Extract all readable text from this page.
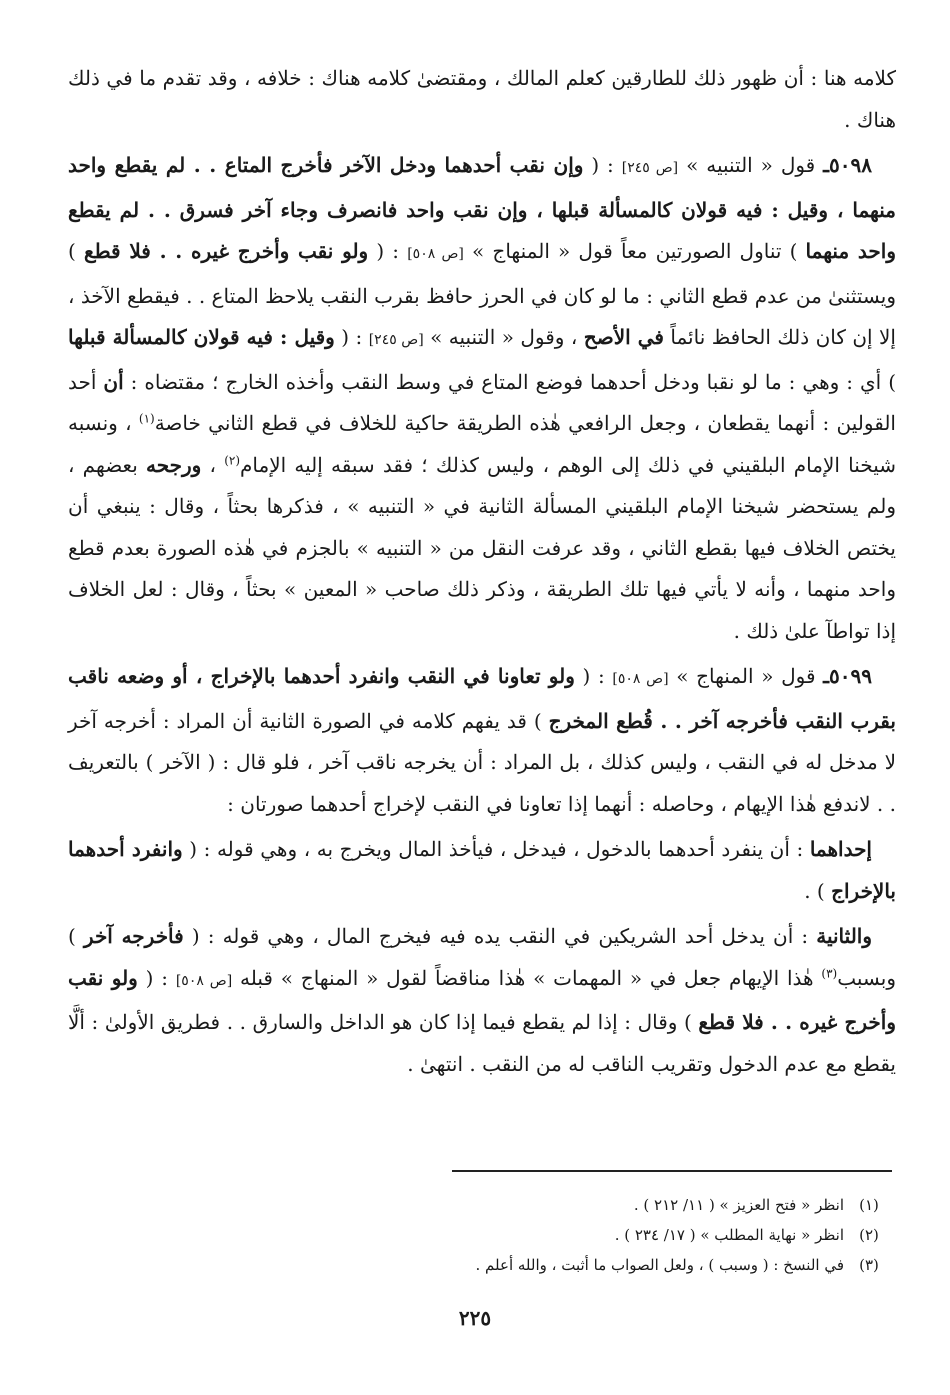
كلامه هنا : أن ظهور ذلك للطارقين كعلم المالك ، ومقتضىٰ كلامه هناك : خلافه ، وقد تقدم ما في ذلك هناك .

٥٠٩٨ـ قول « التنبيه » [ص ٢٤٥] : ( وإن نقب أحدهما ودخل الآخر فأخرج المتاع . . لم يقطع واحد منهما ، وقيل : فيه قولان كالمسألة قبلها ، وإن نقب واحد فانصرف وجاء آخر فسرق . . لم يقطع واحد منهما ) تناول الصورتين معاً قول « المنهاج » [ص ٥٠٨] : ( ولو نقب وأخرج غيره . . فلا قطع ) ويستثنىٰ من عدم قطع الثاني : ما لو كان في الحرز حافظ بقرب النقب يلاحظ المتاع . . فيقطع الآخذ ، إلا إن كان ذلك الحافظ نائماً في الأصح ، وقول « التنبيه » [ص ٢٤٥] : ( وقيل : فيه قولان كالمسألة قبلها ) أي : وهي : ما لو نقبا ودخل أحدهما فوضع المتاع في وسط النقب وأخذه الخارج ؛ مقتضاه : أن أحد القولين : أنهما يقطعان ، وجعل الرافعي هٰذه الطريقة حاكية للخلاف في قطع الثاني خاصة$^{(١)}$ ، ونسبه شيخنا الإمام البلقيني في ذلك إلى الوهم ، وليس كذلك ؛ فقد سبقه إليه الإمام$^{(٢)}$ ، ورجحه بعضهم ، ولم يستحضر شيخنا الإمام البلقيني المسألة الثانية في « التنبيه » ، فذكرها بحثاً ، وقال : ينبغي أن يختص الخلاف فيها بقطع الثاني ، وقد عرفت النقل من « التنبيه » بالجزم في هٰذه الصورة بعدم قطع واحد منهما ، وأنه لا يأتي فيها تلك الطريقة ، وذكر ذلك صاحب « المعين » بحثاً ، وقال : لعل الخلاف إذا تواطآ علىٰ ذلك .

٥٠٩٩ـ قول « المنهاج » [ص ٥٠٨] : ( ولو تعاونا في النقب وانفرد أحدهما بالإخراج ، أو وضعه ناقب بقرب النقب فأخرجه آخر . . قُطع المخرج ) قد يفهم كلامه في الصورة الثانية أن المراد : أخرجه آخر لا مدخل له في النقب ، وليس كذلك ، بل المراد : أن يخرجه ناقب آخر ، فلو قال : ( الآخر ) بالتعريف . . لاندفع هٰذا الإيهام ، وحاصله : أنهما إذا تعاونا في النقب لإخراج أحدهما صورتان :

إحداهما : أن ينفرد أحدهما بالدخول ، فيدخل ، فيأخذ المال ويخرج به ، وهي قوله : ( وانفرد أحدهما بالإخراج ) .

والثانية : أن يدخل أحد الشريكين في النقب يده فيه فيخرج المال ، وهي قوله : ( فأخرجه آخر ) وبسبب$^{(٣)}$ هٰذا الإيهام جعل في « المهمات » هٰذا مناقضاً لقول « المنهاج » قبله [ص ٥٠٨] : ( ولو نقب وأخرج غيره . . فلا قطع ) وقال : إذا لم يقطع فيما إذا كان هو الداخل والسارق . . فطريق الأولىٰ : ألَّا يقطع مع عدم الدخول وتقريب الناقب له من النقب . انتهىٰ .

(١)
انظر « فتح العزيز » ( ١١/ ٢١٢ ) .
(٢)
انظر « نهاية المطلب » ( ١٧/ ٢٣٤ ) .
(٣)
في النسخ : ( وسبب ) ، ولعل الصواب ما أثبت ، والله أعلم .
٢٢٥
